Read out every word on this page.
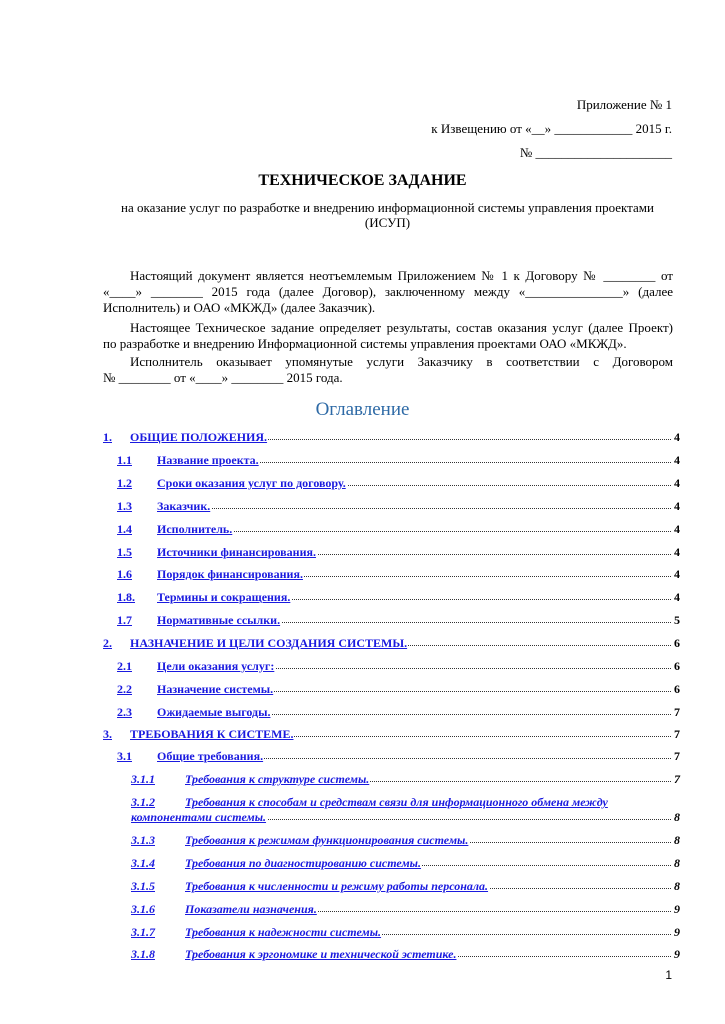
Приложение № 1
к Извещению от «__» ____________ 2015 г.
№ _____________________
ТЕХНИЧЕСКОЕ ЗАДАНИЕ
на оказание услуг по разработке и внедрению информационной системы управления проектами
(ИСУП)
Настоящий документ является неотъемлемым Приложением № 1 к Договору № ________ от
«____» ________ 2015 года (далее Договор), заключенному между «_______________» (далее
Исполнитель) и ОАО «МКЖД» (далее Заказчик).
Настоящее Техническое задание определяет результаты, состав оказания услуг (далее Проект)
по разработке и внедрению Информационной системы управления проектами ОАО «МКЖД».
Исполнитель оказывает упомянутые услуги Заказчику в соответствии с Договором
№ ________ от «____» ________ 2015 года.
Оглавление
1. ОБЩИЕ ПОЛОЖЕНИЯ.	4
1.1 Название проекта.	4
1.2 Сроки оказания услуг по договору.	4
1.3 Заказчик.	4
1.4 Исполнитель.	4
1.5 Источники финансирования.	4
1.6 Порядок финансирования.	4
1.8. Термины и сокращения.	4
1.7 Нормативные ссылки.	5
2. НАЗНАЧЕНИЕ И ЦЕЛИ СОЗДАНИЯ СИСТЕМЫ.	6
2.1 Цели оказания услуг:	6
2.2 Назначение системы.	6
2.3 Ожидаемые выгоды.	7
3. ТРЕБОВАНИЯ К СИСТЕМЕ.	7
3.1 Общие требования.	7
3.1.1	Требования к структуре системы.	7
3.1.2	Требования к способам и средствам связи для информационного обмена между
компонентами системы.	8
3.1.3	Требования к режимам функционирования системы.	8
3.1.4	Требования по диагностированию системы.	8
3.1.5	Требования к численности и режиму работы персонала.	8
3.1.6	Показатели назначения.	9
3.1.7	Требования к надежности системы.	9
3.1.8	Требования к эргономике и технической эстетике.	9
1
